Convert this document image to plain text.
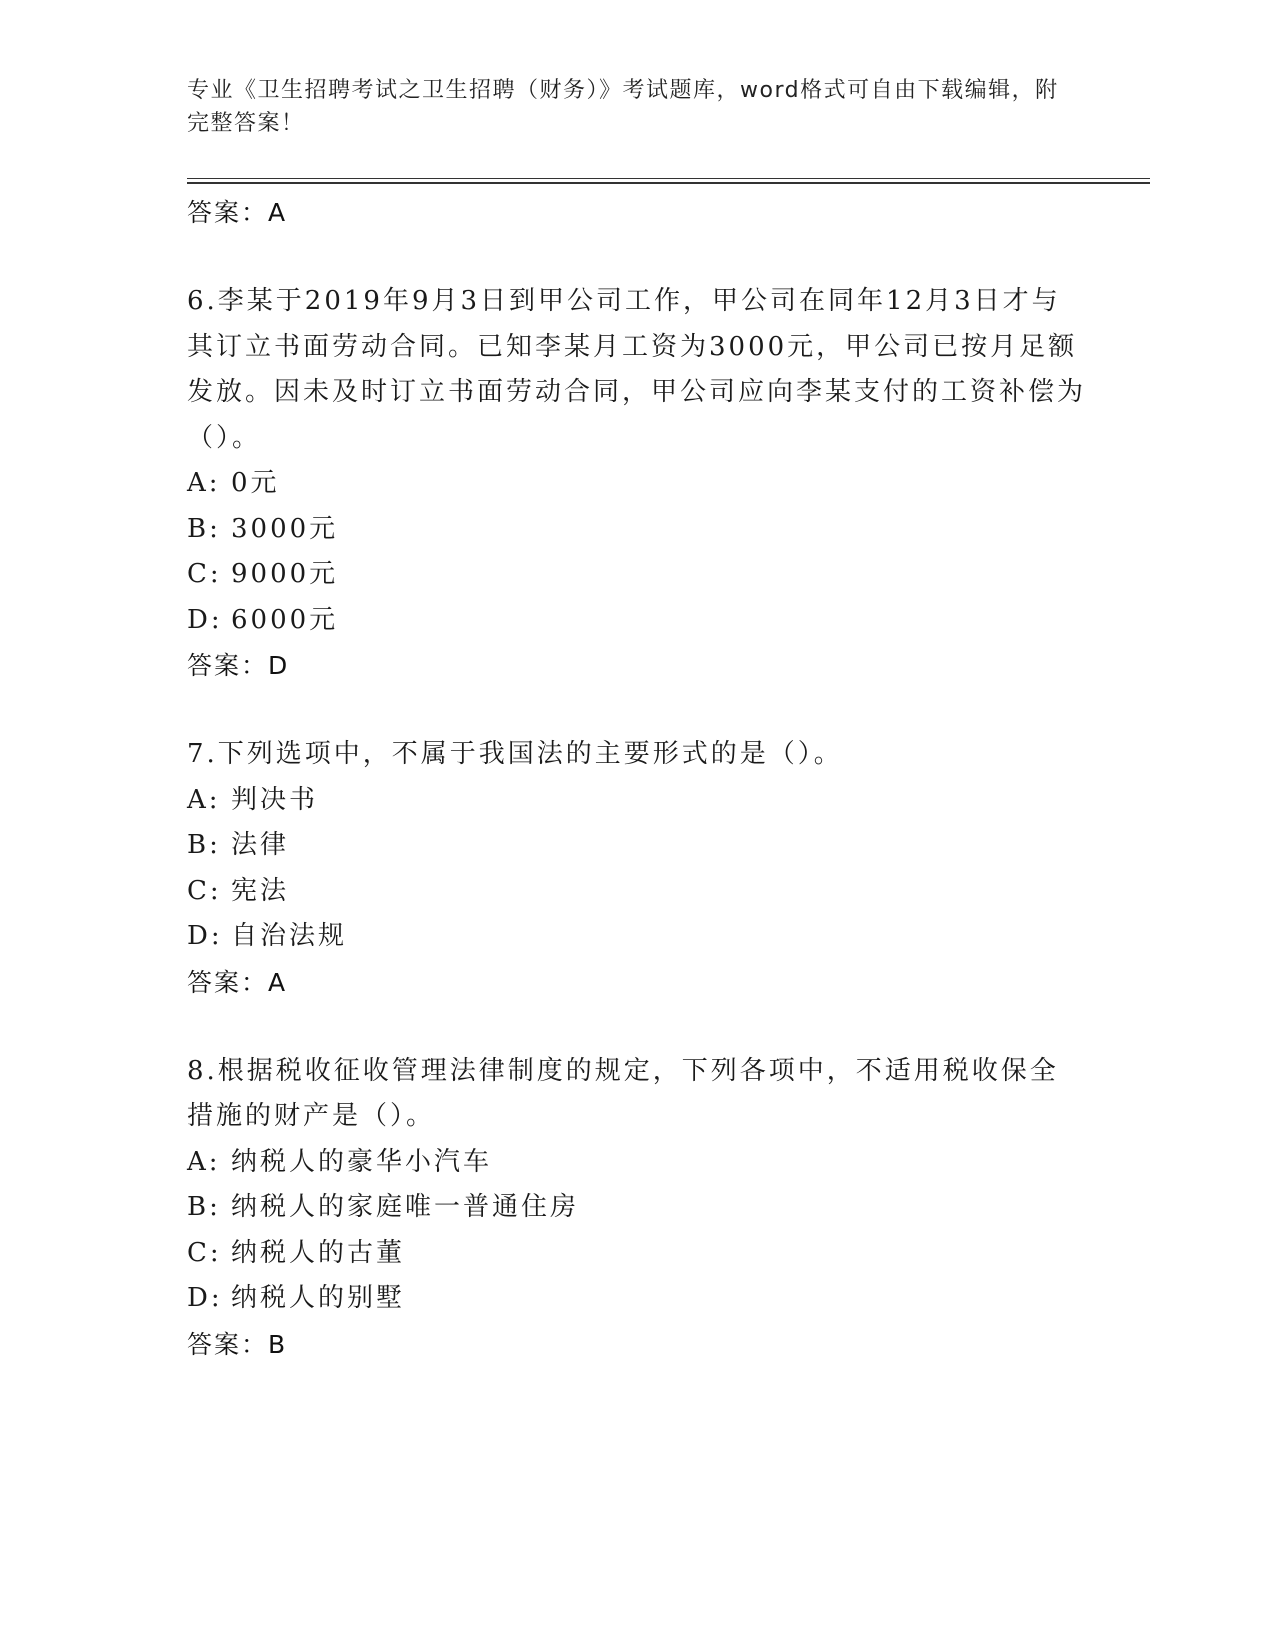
专业《卫生招聘考试之卫生招聘（财务）》考试题库，word格式可自由下载编辑，附完整答案！
答案：A
6.李某于2019年9月3日到甲公司工作，甲公司在同年12月3日才与其订立书面劳动合同。已知李某月工资为3000元，甲公司已按月足额发放。因未及时订立书面劳动合同，甲公司应向李某支付的工资补偿为（）。
A: 0元
B: 3000元
C: 9000元
D: 6000元
答案：D
7.下列选项中，不属于我国法的主要形式的是（）。
A: 判决书
B: 法律
C: 宪法
D: 自治法规
答案：A
8.根据税收征收管理法律制度的规定，下列各项中，不适用税收保全措施的财产是（）。
A: 纳税人的豪华小汽车
B: 纳税人的家庭唯一普通住房
C: 纳税人的古董
D: 纳税人的别墅
答案：B
